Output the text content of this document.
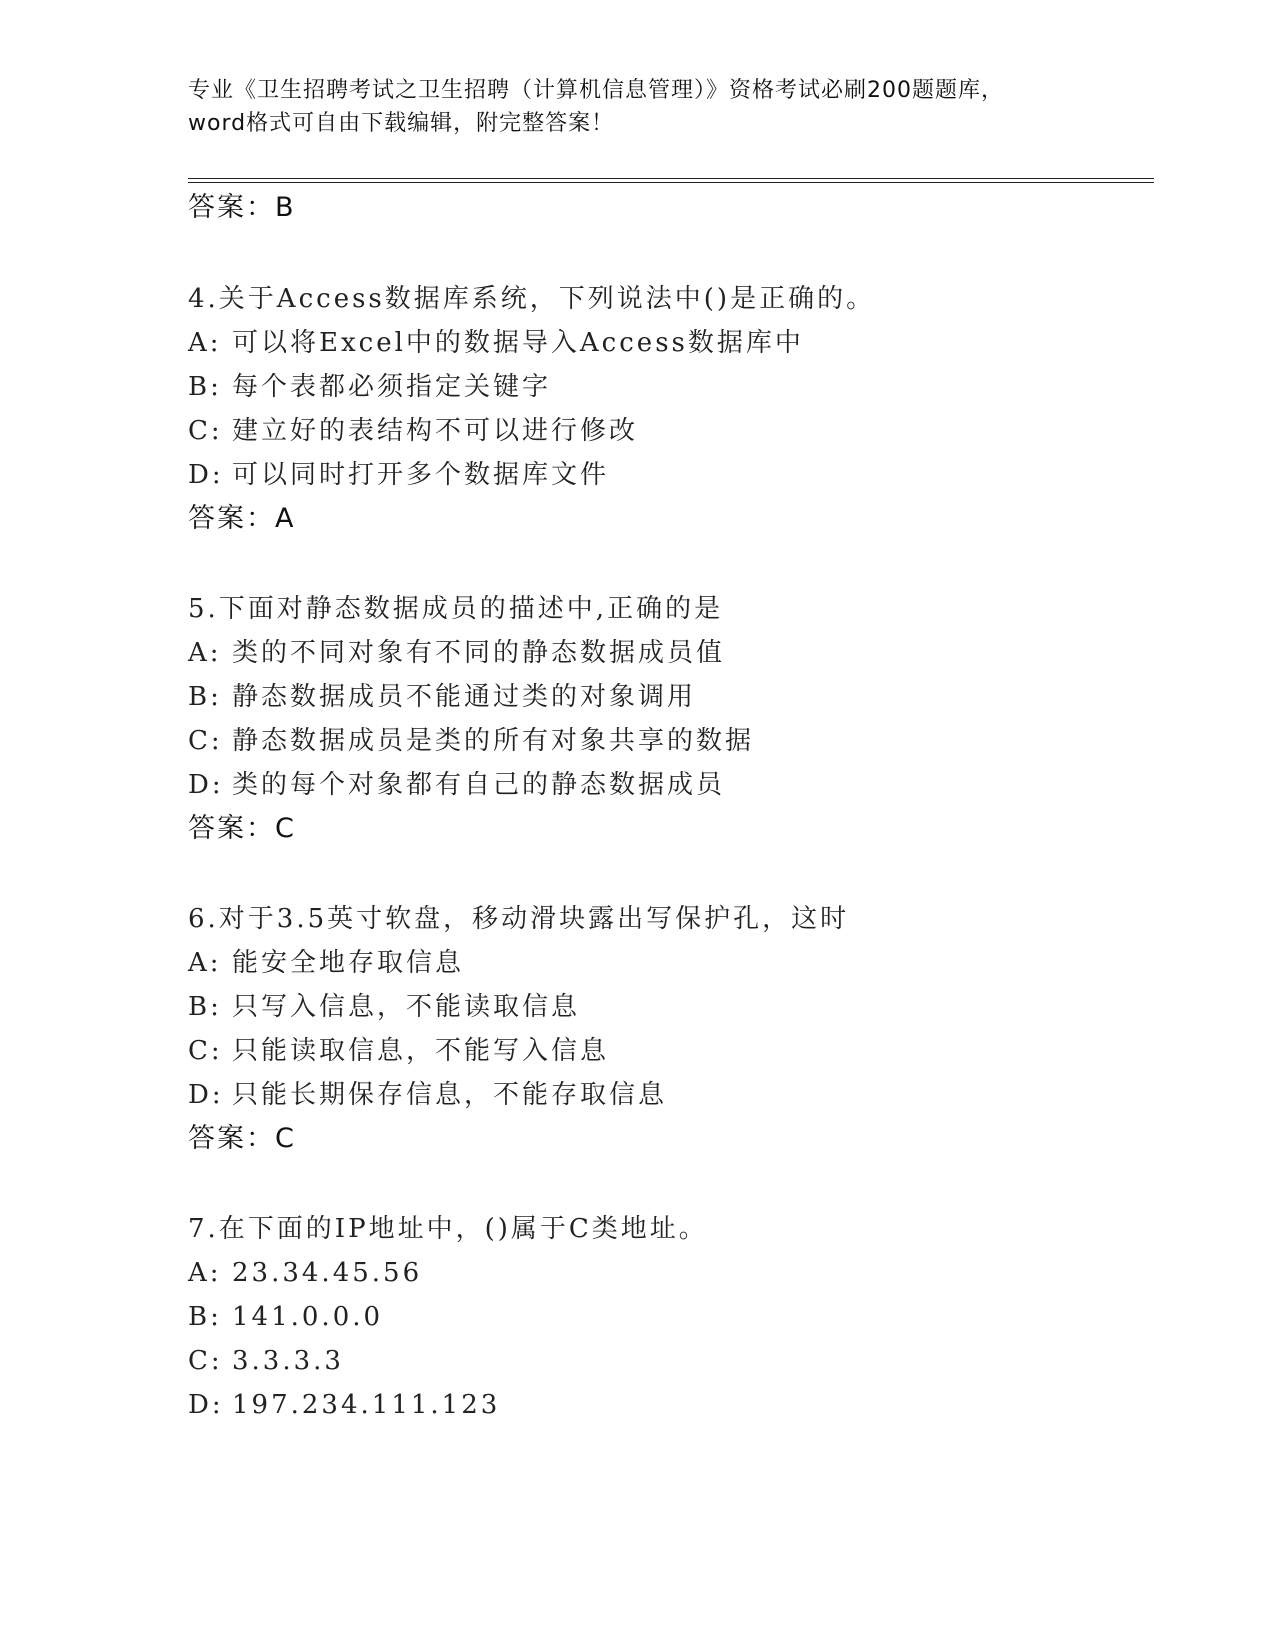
专业《卫生招聘考试之卫生招聘（计算机信息管理）》资格考试必刷200题题库，
word格式可自由下载编辑，附完整答案！
答案：B
4.关于Access数据库系统，下列说法中()是正确的。
A: 可以将Excel中的数据导入Access数据库中
B: 每个表都必须指定关键字
C: 建立好的表结构不可以进行修改
D: 可以同时打开多个数据库文件
答案：A
5.下面对静态数据成员的描述中,正确的是
A: 类的不同对象有不同的静态数据成员值
B: 静态数据成员不能通过类的对象调用
C: 静态数据成员是类的所有对象共享的数据
D: 类的每个对象都有自己的静态数据成员
答案：C
6.对于3.5英寸软盘，移动滑块露出写保护孔，这时
A: 能安全地存取信息
B: 只写入信息，不能读取信息
C: 只能读取信息，不能写入信息
D: 只能长期保存信息，不能存取信息
答案：C
7.在下面的IP地址中，()属于C类地址。
A: 23.34.45.56
B: 141.0.0.0
C: 3.3.3.3
D: 197.234.111.123
